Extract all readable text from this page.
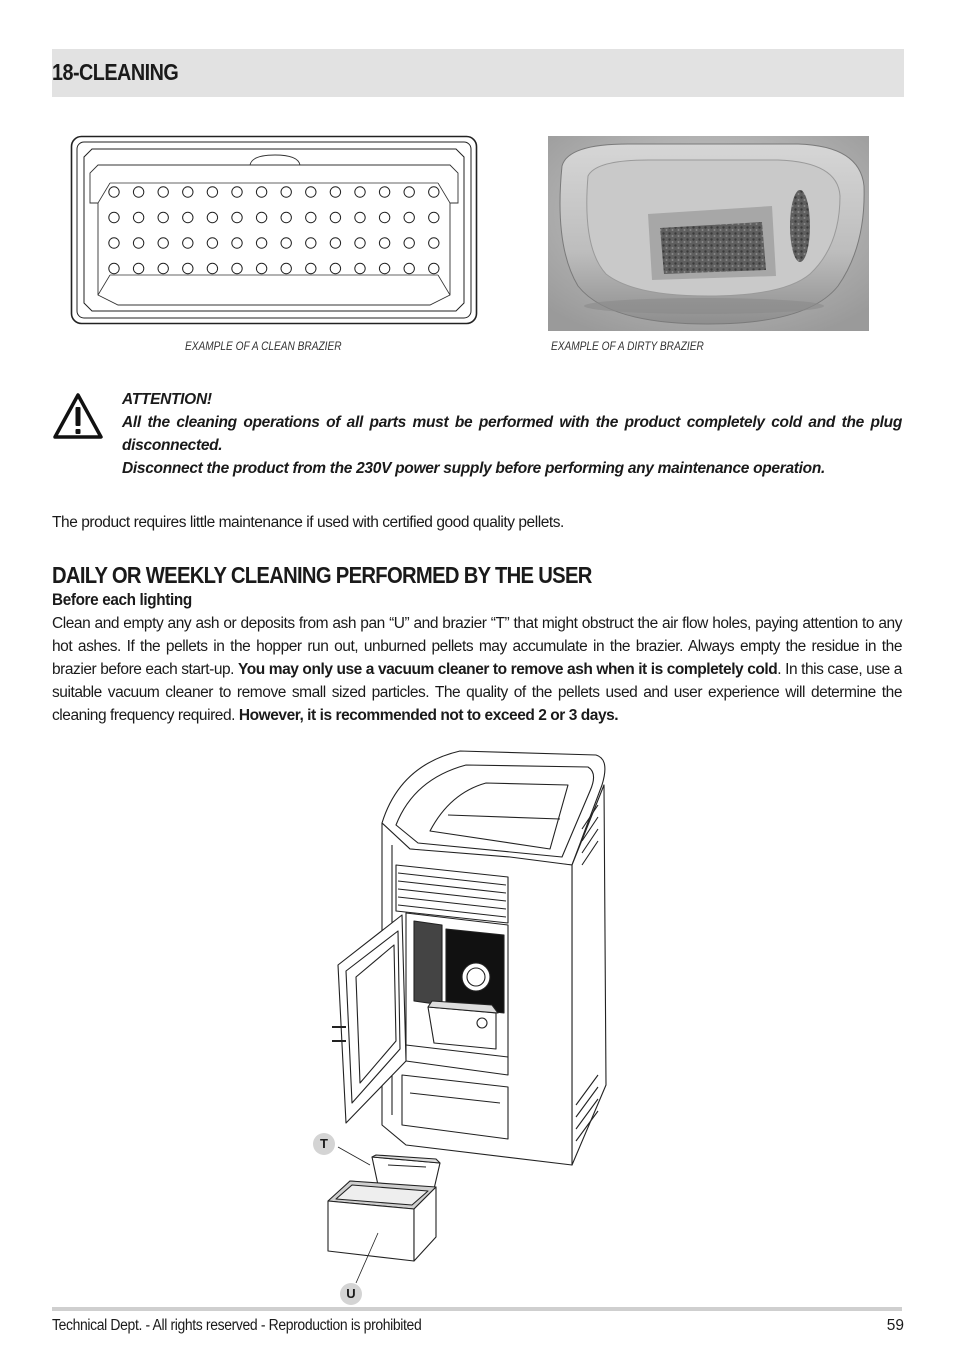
18-CLEANING
EXAMPLE OF A CLEAN BRAZIER	EXAMPLE OF A DIRTY BRAZIER

ATTENTION!

All the cleaning operations of all parts must be performed with the product completely cold and the plug disconnected.

Disconnect the product from the 230V power supply before performing any maintenance operation.

The product requires little maintenance if used with certified good quality pellets.
DAILY OR WEEKLY CLEANING PERFORMED BY THE USER
Before each lighting

Clean and empty any ash or deposits from ash pan “U” and brazier “T” that might obstruct the air flow holes, paying attention to any hot ashes. If the pellets in the hopper run out, unburned pellets may accumulate in the brazier. Always empty the residue in the brazier before each start-up. You may only use a vacuum cleaner to remove ash when it is completely cold. In this case, use a suitable vacuum cleaner to remove small sized particles. The quality of the pellets used and user experience will determine the cleaning frequency required. However, it is recommended not to exceed 2 or 3 days.

T
U
Technical Dept. - All rights reserved - Reproduction is prohibited	59
